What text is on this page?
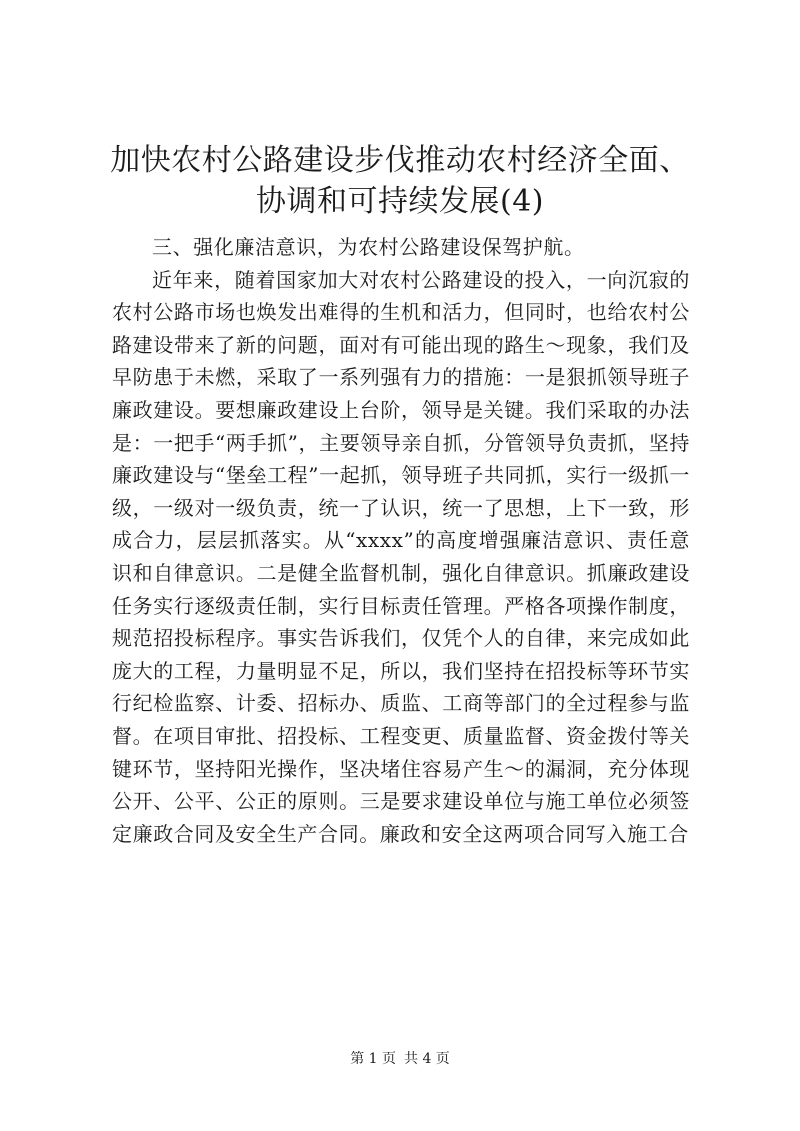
加快农村公路建设步伐推动农村经济全面、协调和可持续发展(4)

三、强化廉洁意识，为农村公路建设保驾护航。

近年来，随着国家加大对农村公路建设的投入，一向沉寂的农村公路市场也焕发出难得的生机和活力，但同时，也给农村公路建设带来了新的问题，面对有可能出现的路生～现象，我们及早防患于未燃，采取了一系列强有力的措施：一是狠抓领导班子廉政建设。要想廉政建设上台阶，领导是关键。我们采取的办法是：一把手“两手抓”，主要领导亲自抓，分管领导负责抓，坚持廉政建设与“堡垒工程”一起抓，领导班子共同抓，实行一级抓一级，一级对一级负责，统一了认识，统一了思想，上下一致，形成合力，层层抓落实。从“xxxx”的高度增强廉洁意识、责任意识和自律意识。二是健全监督机制，强化自律意识。抓廉政建设任务实行逐级责任制，实行目标责任管理。严格各项操作制度，规范招投标程序。事实告诉我们，仅凭个人的自律，来完成如此庞大的工程，力量明显不足，所以，我们坚持在招投标等环节实行纪检监察、计委、招标办、质监、工商等部门的全过程参与监督。在项目审批、招投标、工程变更、质量监督、资金拨付等关键环节，坚持阳光操作，坚决堵住容易产生～的漏洞，充分体现公开、公平、公正的原则。三是要求建设单位与施工单位必须签定廉政合同及安全生产合同。廉政和安全这两项合同写入施工合

第 1 页 共 4 页
